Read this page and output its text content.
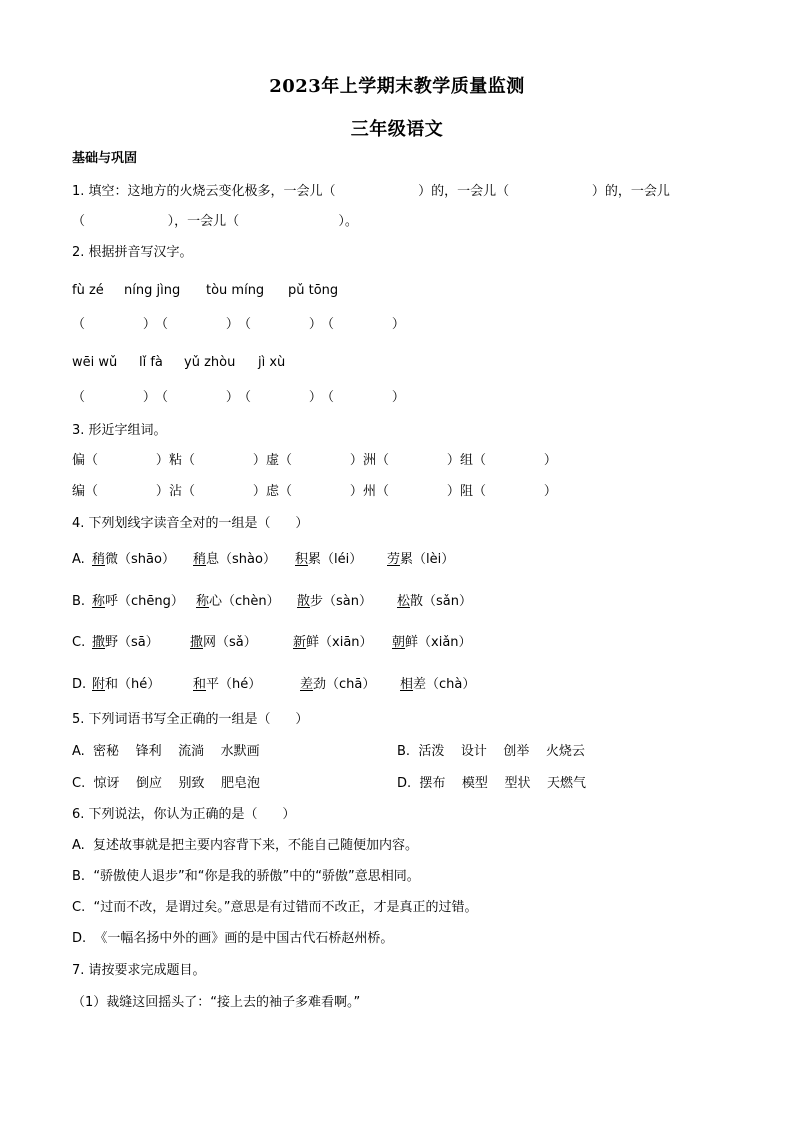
2023年上学期末教学质量监测
三年级语文
基础与巩固
1. 填空：这地方的火烧云变化极多，一会儿（                    ）的，一会儿（                    ）的，一会儿
（                    ），一会儿（                        ）。
2. 根据拼音写汉字。
fù zé níng jìng tòu míng pǔ tōng
（              ） （              ） （              ） （              ）
wēi wǔ lǐ fà yǔ zhòu jì xù
（              ） （              ） （              ） （              ）
3. 形近字组词。
偏（              ） 粘（              ） 虚（              ） 洲（              ） 组（              ）
编（              ） 沾（              ） 虑（              ） 州（              ） 阻（              ）
4. 下列划线字读音全对的一组是（      ）
A. 稍微（shāo） 稍息（shào） 积累（léi） 劳累（lèi）
B. 称呼（chēng） 称心（chèn） 散步（sàn） 松散（sǎn）
C. 撒野（sā） 撒网（sǎ）	新鲜（xiān） 朝鲜（xiǎn）
D. 附和（hé）	和平（hé）	差劲（chā） 相差（chà）
5. 下列词语书写全正确的一组是（      ）
A.  密秘    锋利    流淌    水默画	B.  活泼    设计    创举    火烧云
C.  惊讶    倒应    别致    肥皂泡	D.  摆布    模型    型状    天燃气
6. 下列说法，你认为正确的是（      ）
A.  复述故事就是把主要内容背下来，不能自己随便加内容。
B.  “骄傲使人退步”和“你是我的骄傲”中的“骄傲”意思相同。
C.  “过而不改，是谓过矣。”意思是有过错而不改正，才是真正的过错。
D.  《一幅名扬中外的画》画的是中国古代石桥赵州桥。
7. 请按要求完成题目。
（1）裁缝这回摇头了：“接上去的袖子多难看啊。”
